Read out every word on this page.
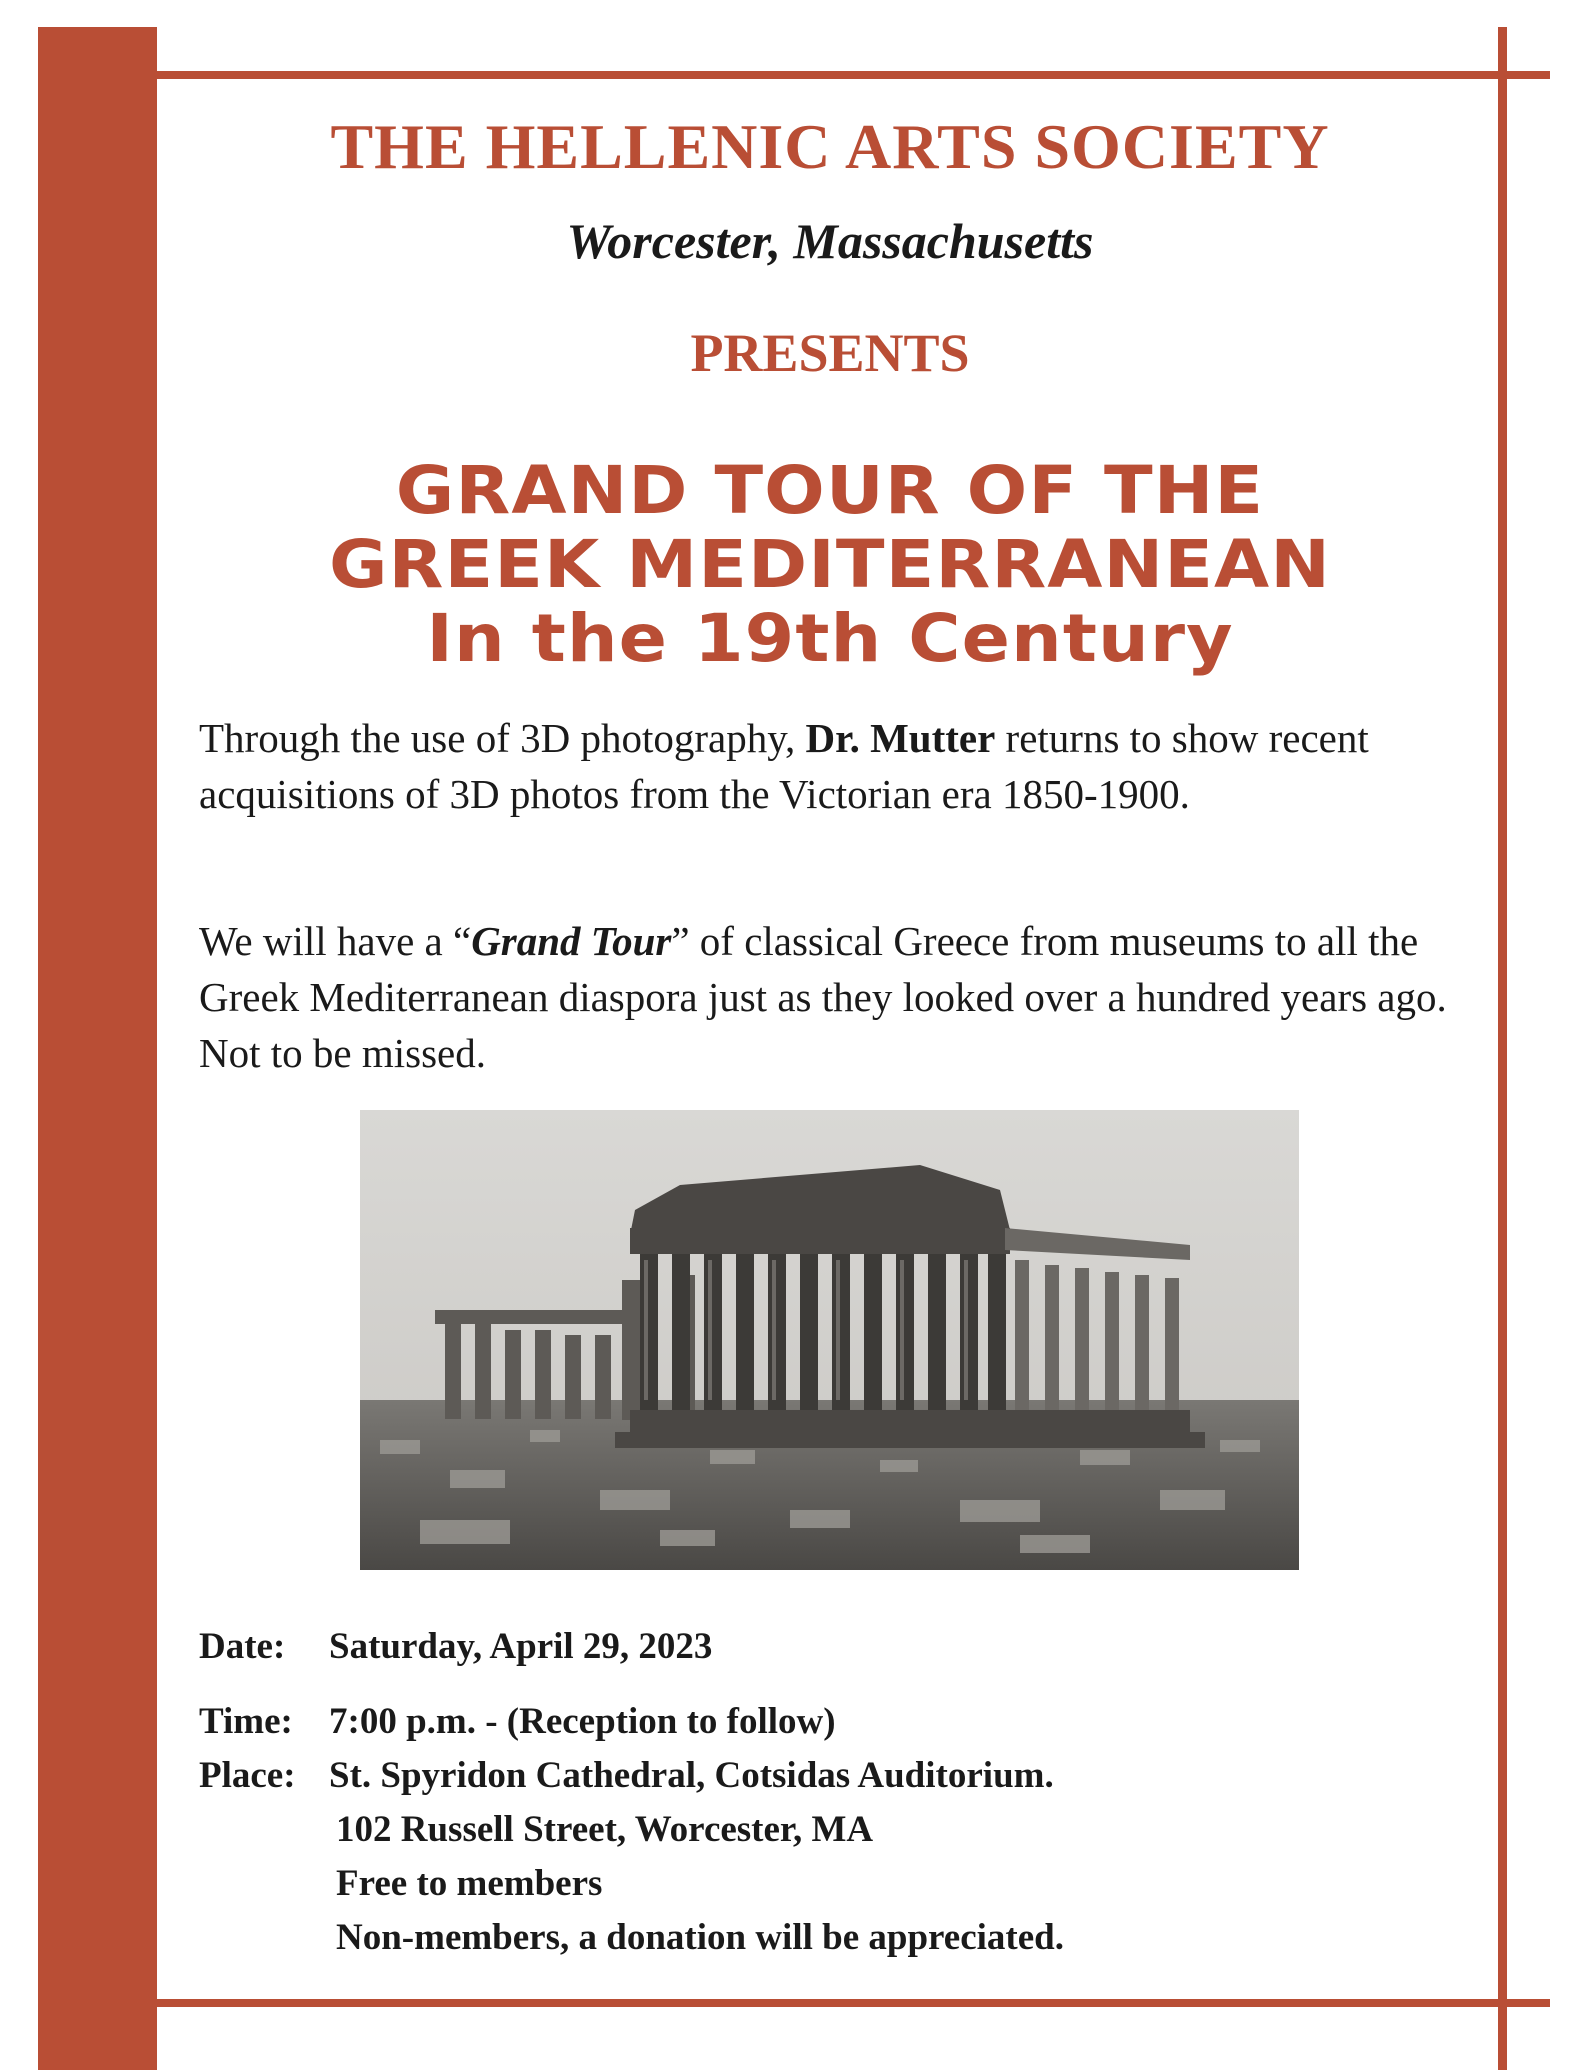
THE HELLENIC ARTS SOCIETY
Worcester, Massachusetts
PRESENTS
GRAND TOUR OF THE
GREEK MEDITERRANEAN
In the 19th Century
Through the use of 3D photography, Dr. Mutter returns to show recent acquisitions of 3D photos from the Victorian era 1850-1900.
We will have a “Grand Tour” of classical Greece from museums to all the Greek Mediterranean diaspora just as they looked over a hundred years ago. Not to be missed.
Date: Saturday, April 29, 2023
Time: 7:00 p.m. - (Reception to follow)
Place: St. Spyridon Cathedral, Cotsidas Auditorium.
102 Russell Street, Worcester, MA
Free to members
Non-members, a donation will be appreciated.
